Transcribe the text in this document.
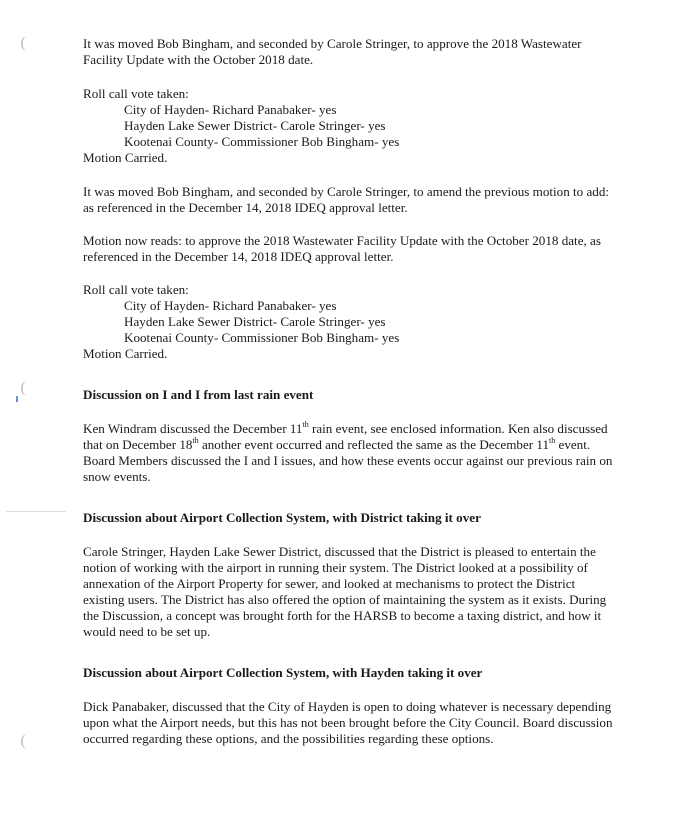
(
(
(

It was moved Bob Bingham, and seconded by Carole Stringer, to approve the 2018 Wastewater Facility Update with the October 2018 date.

Roll call vote taken:

City of Hayden- Richard Panabaker- yes

Hayden Lake Sewer District- Carole Stringer- yes

Kootenai County- Commissioner Bob Bingham- yes

Motion Carried.

It was moved Bob Bingham, and seconded by Carole Stringer, to amend the previous motion to add: as referenced in the December 14, 2018 IDEQ approval letter.

Motion now reads: to approve the 2018 Wastewater Facility Update with the October 2018 date, as referenced in the December 14, 2018 IDEQ approval letter.

Roll call vote taken:

City of Hayden- Richard Panabaker- yes

Hayden Lake Sewer District- Carole Stringer- yes

Kootenai County- Commissioner Bob Bingham- yes

Motion Carried.

Discussion on I and I from last rain event

Ken Windram discussed the December 11th rain event, see enclosed information. Ken also discussed that on December 18th another event occurred and reflected the same as the December 11th event. Board Members discussed the I and I issues, and how these events occur against our previous rain on snow events.

Discussion about Airport Collection System, with District taking it over

Carole Stringer, Hayden Lake Sewer District, discussed that the District is pleased to entertain the notion of working with the airport in running their system. The District looked at a possibility of annexation of the Airport Property for sewer, and looked at mechanisms to protect the District existing users. The District has also offered the option of maintaining the system as it exists. During the Discussion, a concept was brought forth for the HARSB to become a taxing district, and how it would need to be set up.

Discussion about Airport Collection System, with Hayden taking it over

Dick Panabaker, discussed that the City of Hayden is open to doing whatever is necessary depending upon what the Airport needs, but this has not been brought before the City Council. Board discussion occurred regarding these options, and the possibilities regarding these options.
